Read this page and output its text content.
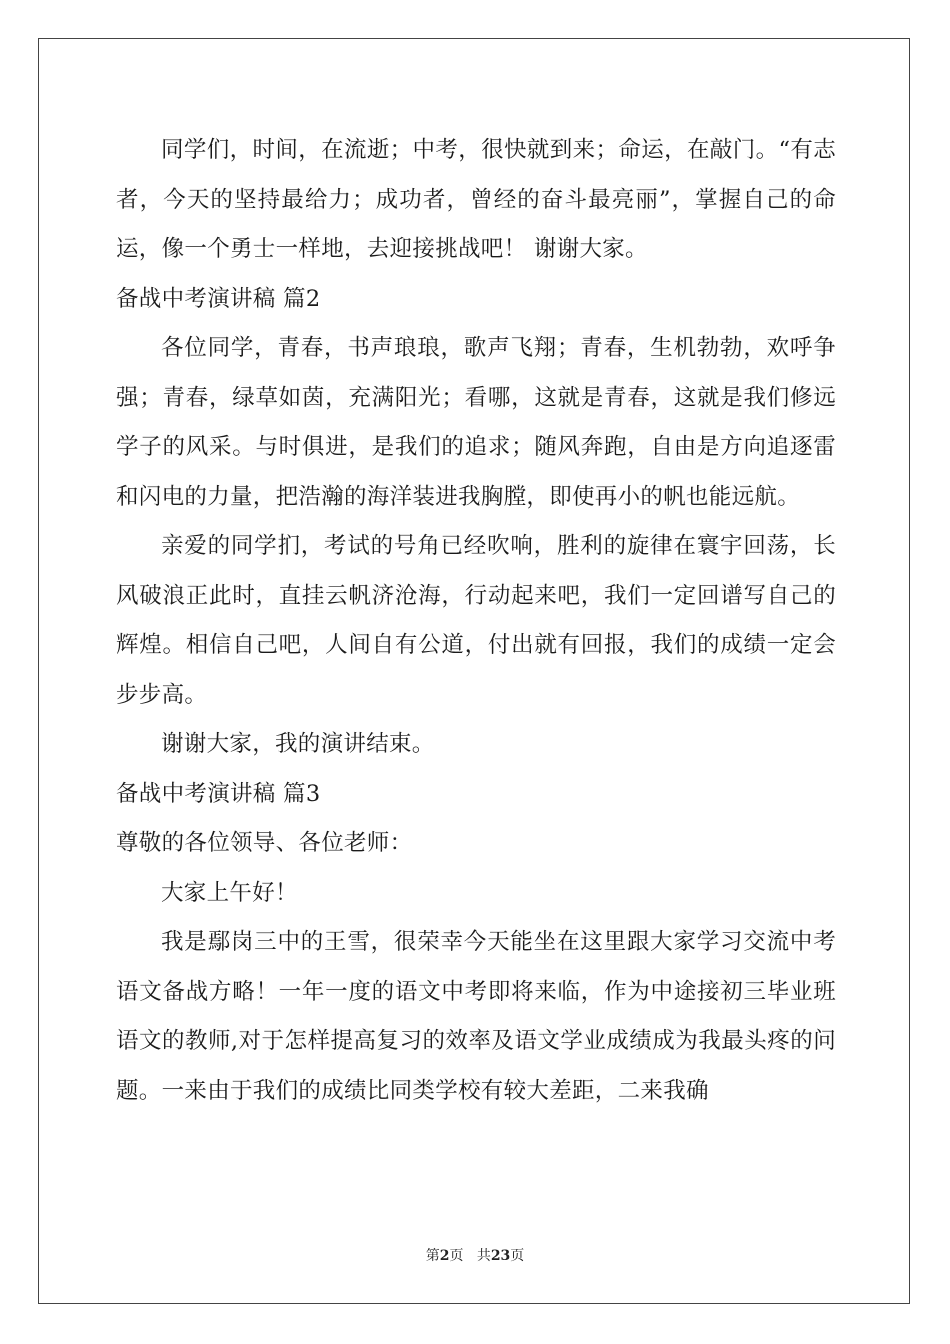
同学们，时间，在流逝；中考，很快就到来；命运，在敲门。“有志者，今天的坚持最给力；成功者，曾经的奋斗最亮丽”，掌握自己的命运，像一个勇士一样地，去迎接挑战吧！ 谢谢大家。

备战中考演讲稿 篇2

各位同学，青春，书声琅琅，歌声飞翔；青春，生机勃勃，欢呼争强；青春，绿草如茵，充满阳光；看哪，这就是青春，这就是我们修远学子的风采。与时俱进，是我们的追求；随风奔跑，自由是方向追逐雷和闪电的力量，把浩瀚的海洋装进我胸膛，即使再小的帆也能远航。

亲爱的同学扪，考试的号角已经吹响，胜利的旋律在寰宇回荡，长风破浪正此时，直挂云帆济沧海，行动起来吧，我们一定回谱写自己的辉煌。相信自己吧，人间自有公道，付出就有回报，我们的成绩一定会步步高。

谢谢大家，我的演讲结束。

备战中考演讲稿 篇3

尊敬的各位领导、各位老师：

大家上午好！

我是鄢岗三中的王雪，很荣幸今天能坐在这里跟大家学习交流中考语文备战方略！一年一度的语文中考即将来临，作为中途接初三毕业班语文的教师,对于怎样提高复习的效率及语文学业成绩成为我最头疼的问题。一来由于我们的成绩比同类学校有较大差距，二来我确

第2页 共23页
